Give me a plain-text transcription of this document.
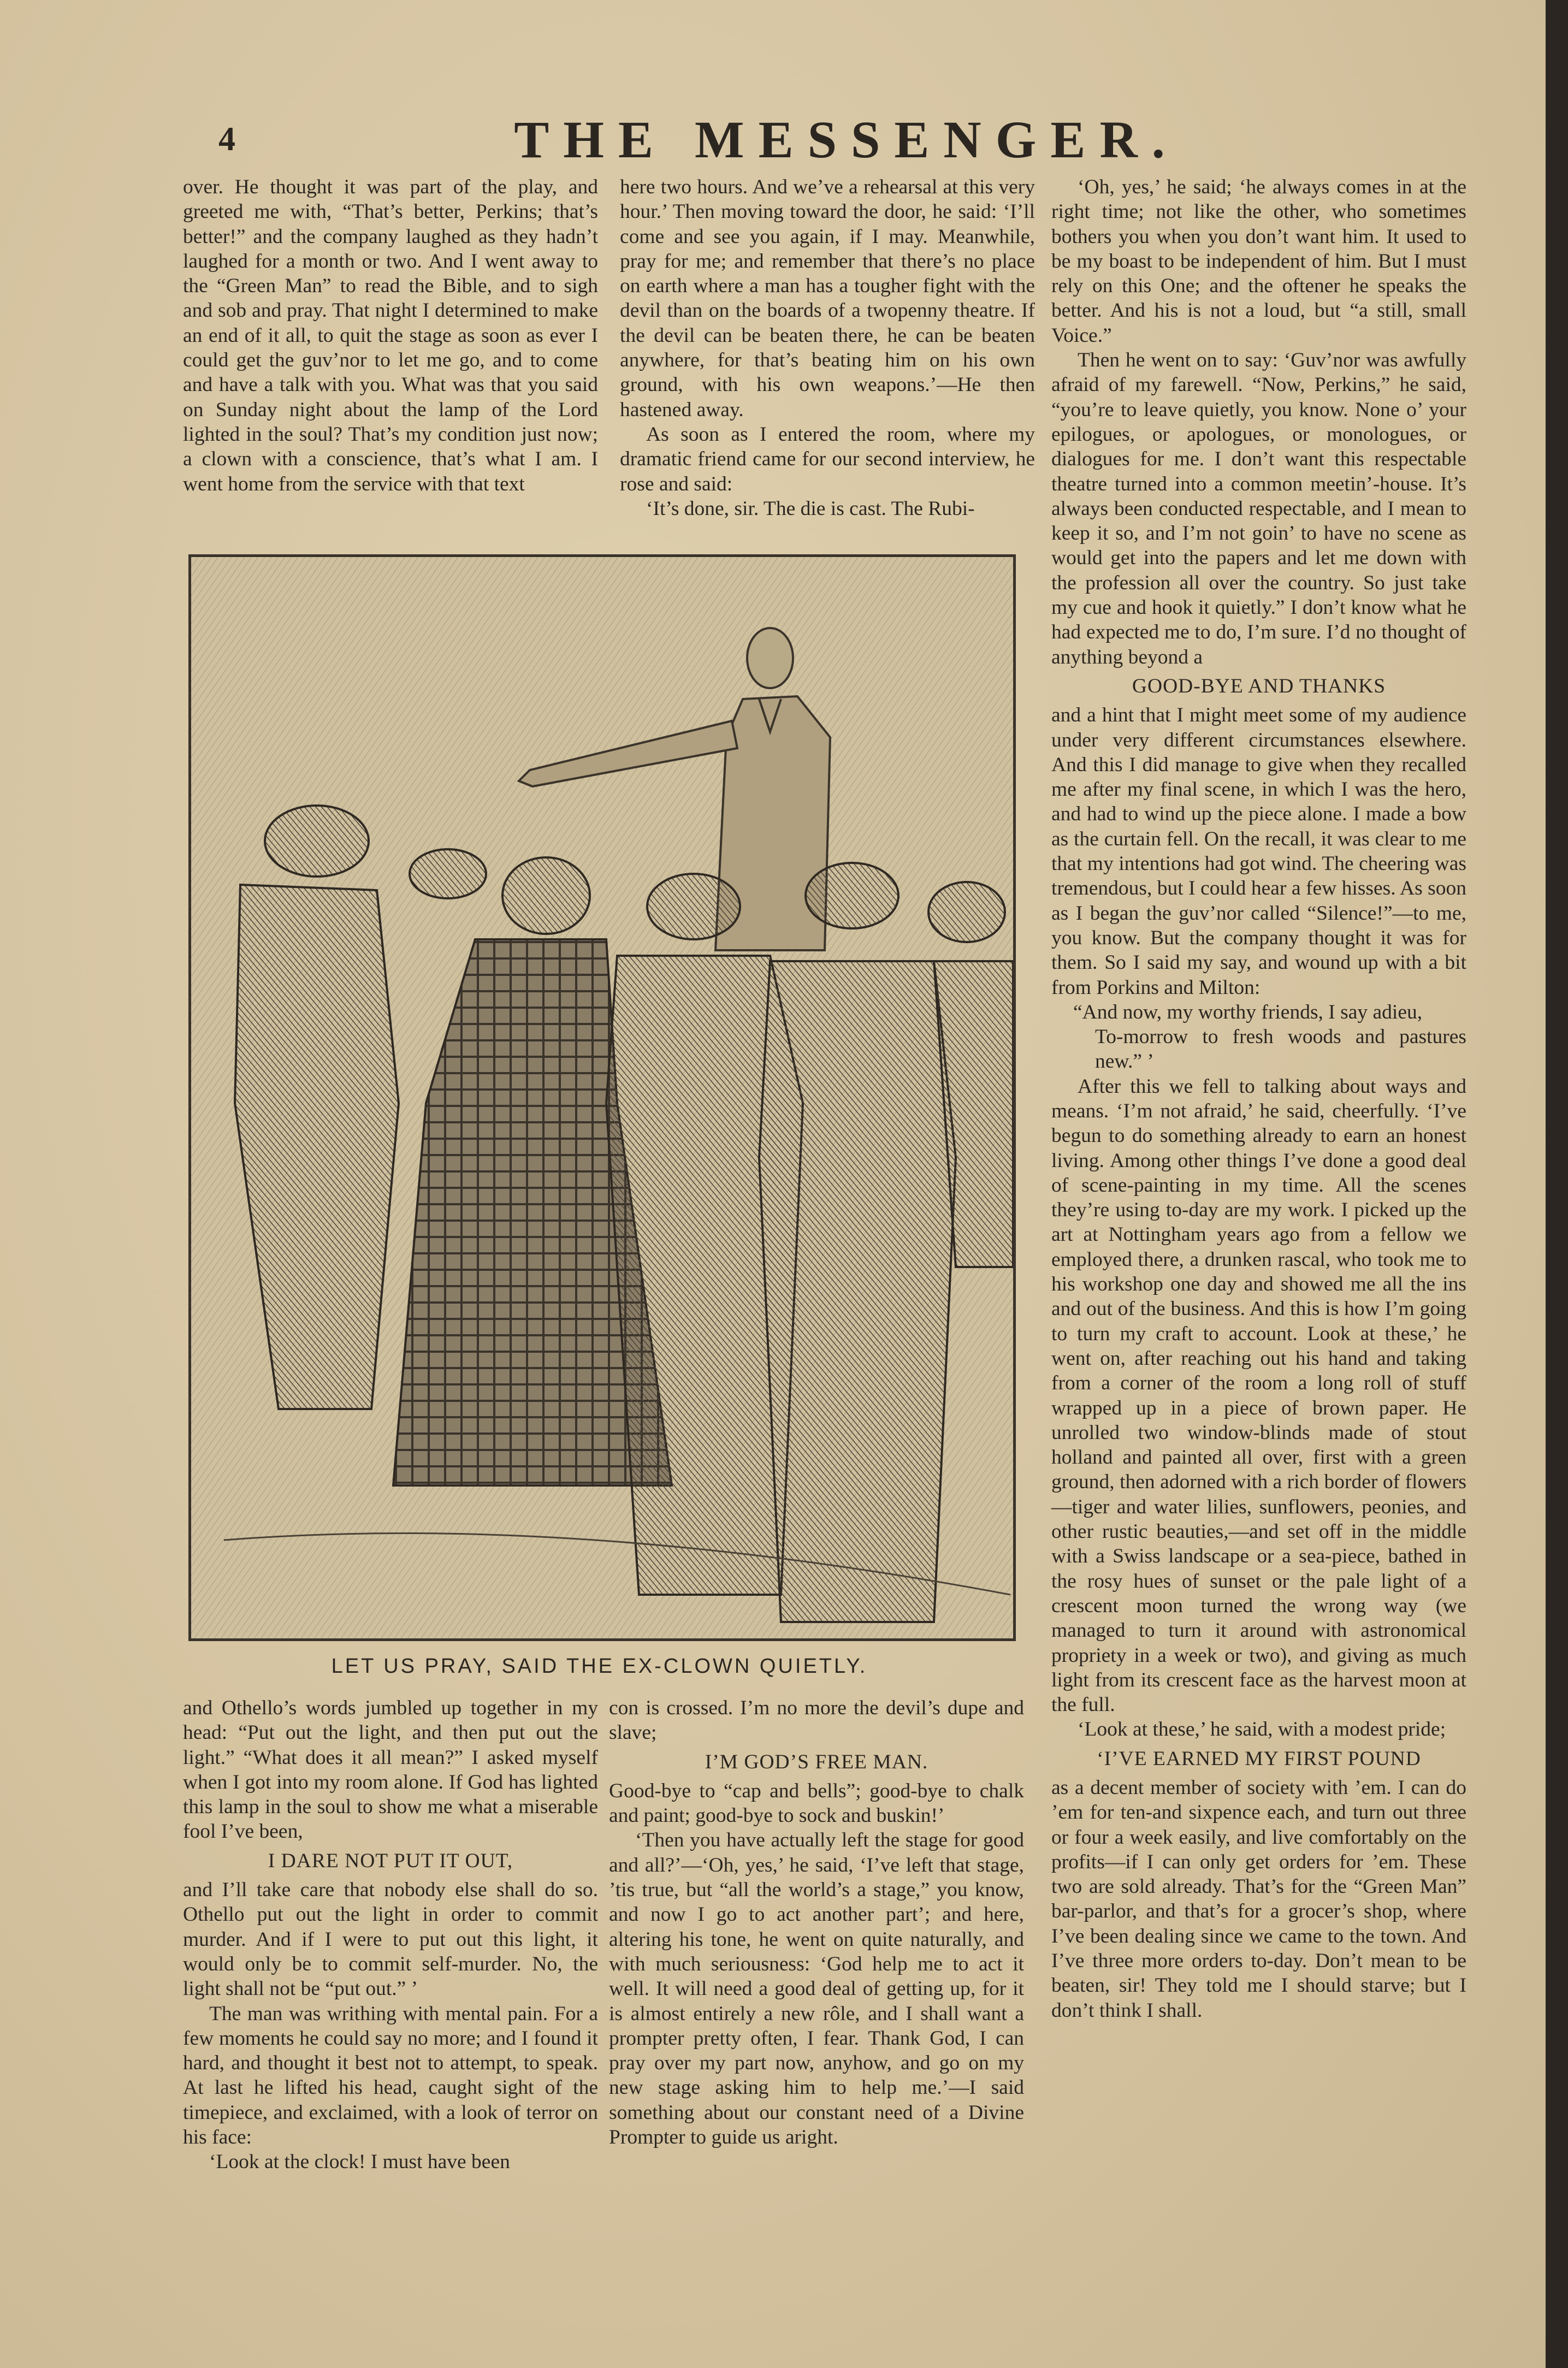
4	THE MESSENGER.

over. He thought it was part of the play, and greeted me with, “That’s better, Perkins; that’s better!” and the company laughed as they hadn’t laughed for a month or two. And I went away to the “Green Man” to read the Bible, and to sigh and sob and pray. That night I determined to make an end of it all, to quit the stage as soon as ever I could get the guv’nor to let me go, and to come and have a talk with you. What was that you said on Sunday night about the lamp of the Lord lighted in the soul? That’s my condition just now; a clown with a conscience, that’s what I am. I went home from the service with that text

here two hours. And we’ve a rehearsal at this very hour.’ Then moving toward the door, he said: ‘I’ll come and see you again, if I may. Meanwhile, pray for me; and remember that there’s no place on earth where a man has a tougher fight with the devil than on the boards of a twopenny theatre. If the devil can be beaten there, he can be beaten anywhere, for that’s beating him on his own ground, with his own weapons.’—He then hastened away.

As soon as I entered the room, where my dramatic friend came for our second interview, he rose and said:

‘It’s done, sir. The die is cast. The Rubi-

LET US PRAY, SAID THE EX-CLOWN QUIETLY.

‘Oh, yes,’ he said; ‘he always comes in at the right time; not like the other, who sometimes bothers you when you don’t want him. It used to be my boast to be independent of him. But I must rely on this One; and the oftener he speaks the better. And his is not a loud, but “a still, small Voice.”

Then he went on to say: ‘Guv’nor was awfully afraid of my farewell. “Now, Perkins,” he said, “you’re to leave quietly, you know. None o’ your epilogues, or apologues, or monologues, or dialogues for me. I don’t want this respectable theatre turned into a common meetin’-house. It’s always been conducted respectable, and I mean to keep it so, and I’m not goin’ to have no scene as would get into the papers and let me down with the profession all over the country. So just take my cue and hook it quietly.” I don’t know what he had expected me to do, I’m sure. I’d no thought of anything beyond a

GOOD-BYE AND THANKS

and a hint that I might meet some of my audience under very different circumstances elsewhere. And this I did manage to give when they recalled me after my final scene, in which I was the hero, and had to wind up the piece alone. I made a bow as the curtain fell. On the recall, it was clear to me that my intentions had got wind. The cheering was tremendous, but I could hear a few hisses. As soon as I began the guv’nor called “Silence!”—to me, you know. But the company thought it was for them. So I said my say, and wound up with a bit from Porkins and Milton:

“And now, my worthy friends, I say adieu,

To-morrow to fresh woods and pastures new.” ’

After this we fell to talking about ways and means. ‘I’m not afraid,’ he said, cheerfully. ‘I’ve begun to do something already to earn an honest living. Among other things I’ve done a good deal of scene-painting in my time. All the scenes they’re using to-day are my work. I picked up the art at Nottingham years ago from a fellow we employed there, a drunken rascal, who took me to his workshop one day and showed me all the ins and out of the business. And this is how I’m going to turn my craft to account. Look at these,’ he went on, after reaching out his hand and taking from a corner of the room a long roll of stuff wrapped up in a piece of brown paper. He unrolled two window-blinds made of stout holland and painted all over, first with a green ground, then adorned with a rich border of flowers—tiger and water lilies, sunflowers, peonies, and other rustic beauties,—and set off in the middle with a Swiss landscape or a sea-piece, bathed in the rosy hues of sunset or the pale light of a crescent moon turned the wrong way (we managed to turn it around with astronomical propriety in a week or two), and giving as much light from its crescent face as the harvest moon at the full.

‘Look at these,’ he said, with a modest pride;

‘I’VE EARNED MY FIRST POUND

as a decent member of society with ’em. I can do ’em for ten-and sixpence each, and turn out three or four a week easily, and live comfortably on the profits—if I can only get orders for ’em. These two are sold already. That’s for the “Green Man” bar-parlor, and that’s for a grocer’s shop, where I’ve been dealing since we came to the town. And I’ve three more orders to-day. Don’t mean to be beaten, sir! They told me I should starve; but I don’t think I shall.

and Othello’s words jumbled up together in my head: “Put out the light, and then put out the light.” “What does it all mean?” I asked myself when I got into my room alone. If God has lighted this lamp in the soul to show me what a miserable fool I’ve been,

I DARE NOT PUT IT OUT,

and I’ll take care that nobody else shall do so. Othello put out the light in order to commit murder. And if I were to put out this light, it would only be to commit self-murder. No, the light shall not be “put out.” ’

The man was writhing with mental pain. For a few moments he could say no more; and I found it hard, and thought it best not to attempt, to speak. At last he lifted his head, caught sight of the timepiece, and exclaimed, with a look of terror on his face:

‘Look at the clock! I must have been

con is crossed. I’m no more the devil’s dupe and slave;

I’M GOD’S FREE MAN.

Good-bye to “cap and bells”; good-bye to chalk and paint; good-bye to sock and buskin!’

‘Then you have actually left the stage for good and all?’—‘Oh, yes,’ he said, ‘I’ve left that stage, ’tis true, but “all the world’s a stage,” you know, and now I go to act another part’; and here, altering his tone, he went on quite naturally, and with much seriousness: ‘God help me to act it well. It will need a good deal of getting up, for it is almost entirely a new rôle, and I shall want a prompter pretty often, I fear. Thank God, I can pray over my part now, anyhow, and go on my new stage asking him to help me.’—I said something about our constant need of a Divine Prompter to guide us aright.
